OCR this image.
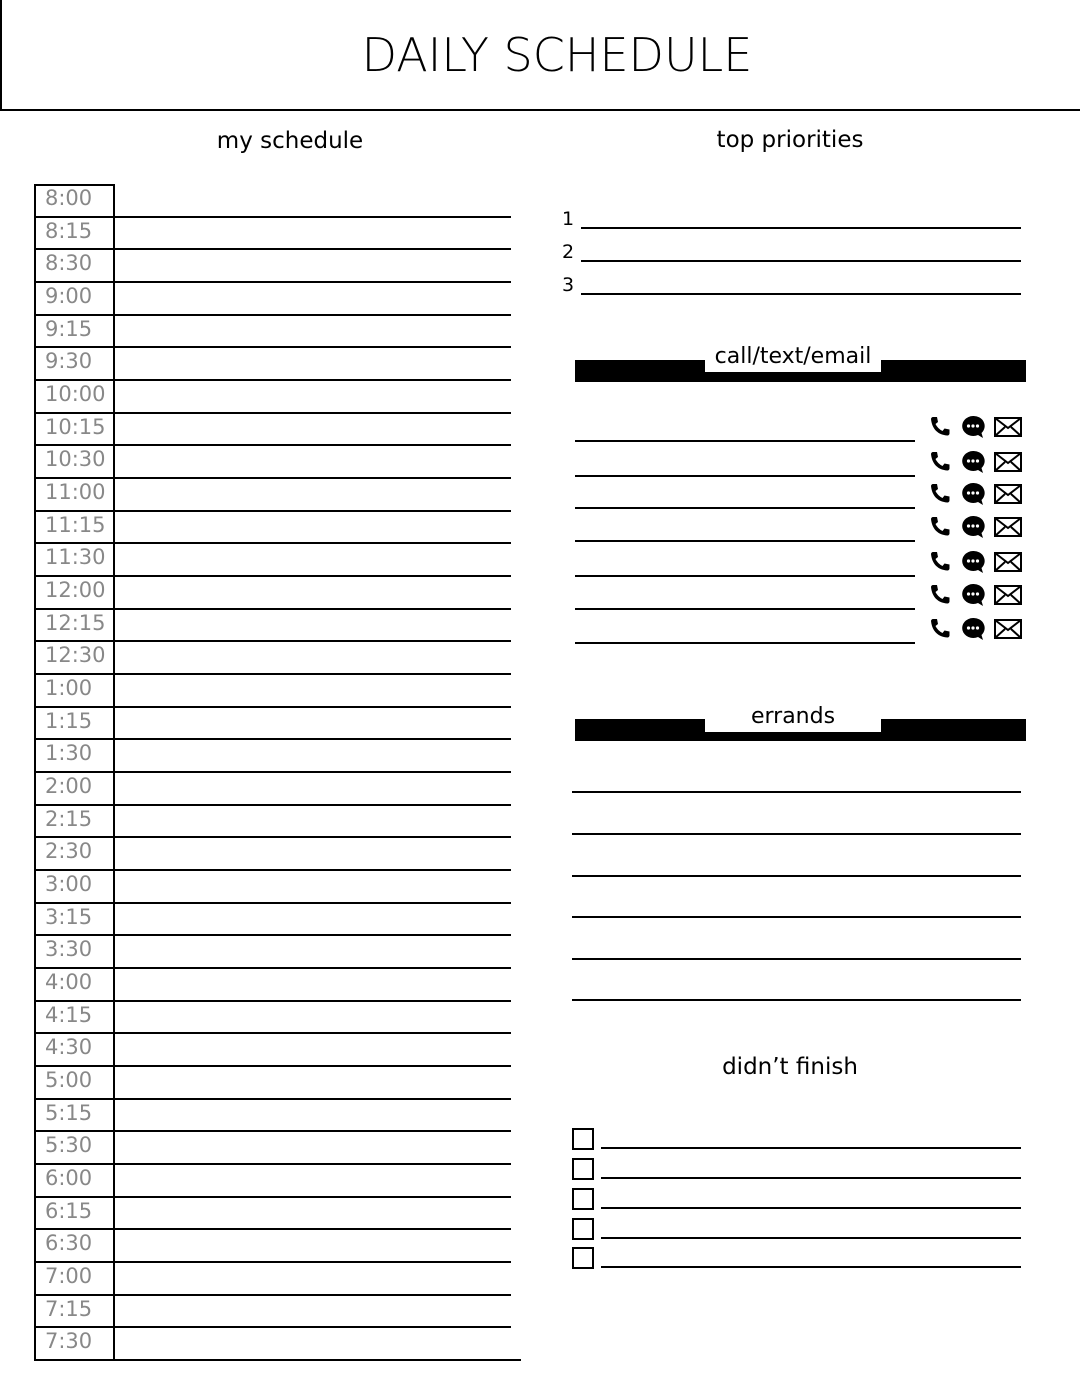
DAILY SCHEDULE
my schedule	top priorities
8:00
8:15
8:30
9:00
9:15
9:30
10:00
10:15
10:30
11:00
11:15
11:30
12:00
12:15
12:30
1:00
1:15
1:30
2:00
2:15
2:30
3:00
3:15
3:30
4:00
4:15
4:30
5:00
5:15
5:30
6:00
6:15
6:30
7:00
7:15
7:30
1
2
3
call/text/email
errands
didn’t finish
